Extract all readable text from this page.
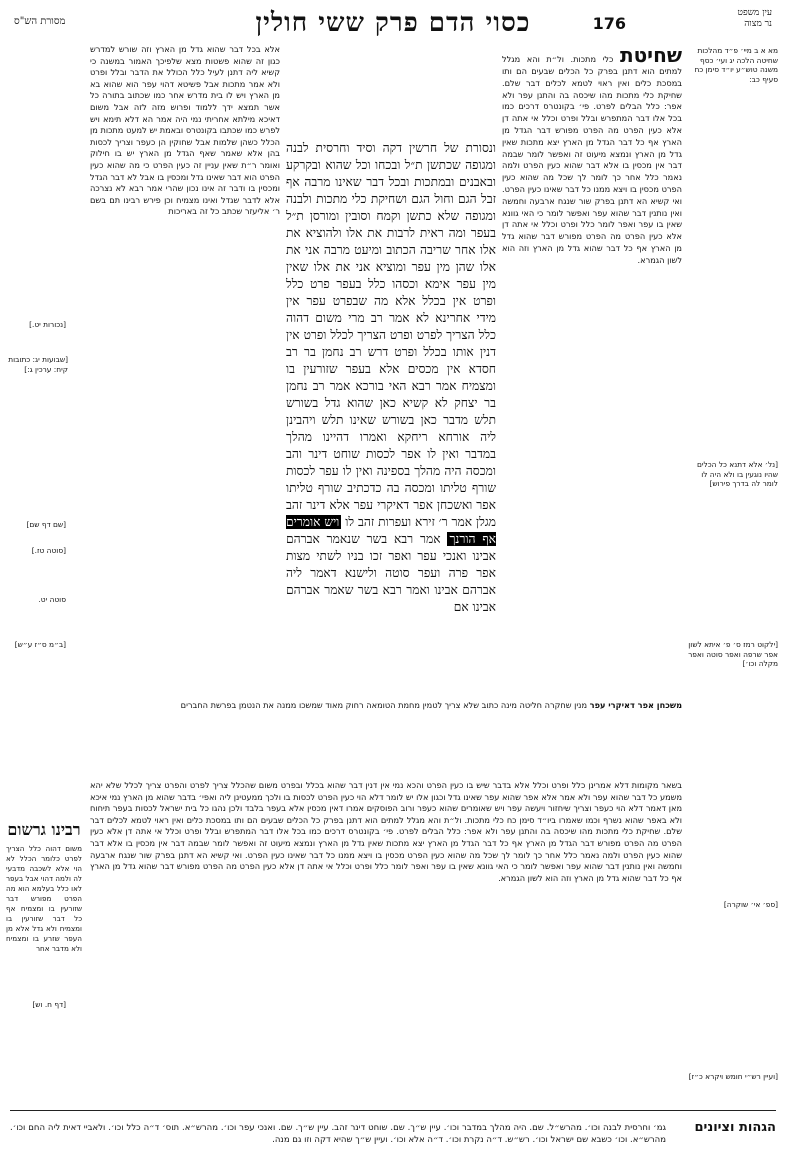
עין משפט
נר מצוה
176
כסוי הדם פרק ששי חולין
מסורת הש"ס
מא א ב מיי׳ פ״ד מהלכות שחיטה הלכה יג ועי׳ כסף משנה טוש״ע יו״ד סימן כח סעיף כב:
[נל׳ אלא דתנא כל הכלים שהיו נוגעין בו ולא היה לו לומר לה בדרך פירוש]
[ילקוט רמז ס׳ פ׳ איתא לשון אפר שרפה ואפר סוטה ואפר מקלה וכו׳]
[ספ׳ אי׳ שוקרה]
[ועיין רש״י חומש ויקרא כ״ז]
[נכורות יט.]
[שבועות יג: כתובות קיח: ערכין ג:]
[שם דף שם]
[סוטה טז.]
סוטה יט.
[ב״מ ס״ז ע״ש]
[דף ח. וש]
שחיטת כלי מתכות. ול״ת והא מגלל למתים הוא דתנן בפרק כל הכלים שבעים הם ותו במסכת כלים ואין ראוי לטמא לכלים דבר שלם. שחיקת כלי מתכות מהו שיכסה בה והתנן עפר ולא אפר: כלל הבלים לפרט. פי׳ בקונטרס דרכים כמו בכל אלו דבר המתפרש ובלל ופרט וכלל אי אתה דן אלא כעין הפרט מה הפרט מפורש דבר הגדל מן הארץ אף כל דבר הגדל מן הארץ יצא מתכות שאין גדל מן הארץ ונמצא מיעוט זה ואפשר לומר שבמה דבר אין מכסין בו אלא דבר שהוא כעין הפרט ולמה נאמר כלל אחר כך לומר לך שכל מה שהוא כעין הפרט מכסין בו ויצא ממנו כל דבר שאינו כעין הפרט. ואי קשיא הא דתנן בפרק שור שנגח ארבעה וחמשה ואין נותנין דבר שהוא עפר ואפשר לומר כי האי גוונא שאין בו עפר ואפר לומר כלל ופרט וכלל אי אתה דן אלא כעין הפרט מה הפרט מפורש דבר שהוא גדל מן הארץ אף כל דבר שהוא גדל מן הארץ וזה הוא לשון הגמרא.
ונסורת של חרשין דקה וסיד וחרסית לבנה ומגופה שכתשן ת״ל ובכחו וכל שהוא ובקרקע ובאבנים ובמתכות ובכל דבר שאינו מרבה אף זבל הגם וחול הגם ושחיקת כלי מתכות ולבנה ומגופה שלא כתשן וקמח וסובין ומורסן ת״ל בעפר ומה ראית לרבות את אלו ולהוציא את אלו אחר שריבה הכתוב ומיעט מרבה אני את אלו שהן מין עפר ומוציא אני את אלו שאין מין עפר אימא וכסהו כלל בעפר פרט כלל ופרט אין בכלל אלא מה שבפרט עפר אין מידי אחרינא לא אמר רב מרי משום דהוה כלל הצריך לפרט ופרט הצריך לכלל ופרט אין דנין אותו בכלל ופרט דרש רב נחמן בר רב חסדא אין מכסים אלא בעפר שזורעין בו ומצמיח אמר רבא האי בורכא אמר רב נחמן בר יצחק לא קשיא כאן שהוא גדל בשורש תלש מדבר כאן בשורש שאינו תלש ויהבינן ליה אורחא ריחקא ואמרו דהיינו מהלך במדבר ואין לו אפר לכסות שוחט דינר והב ומכסה היה מהלך בספינה ואין לו עפר לכסות שורף טליתו ומכסה בה כדכתיב שורף טליתו אפר ואשכחן אפר דאיקרי עפר אלא דינר זהב מגלן אמר ר׳ זירא ועפרות זהב לו ויש אומרים אף הורנך אמר רבא בשר שנאמר אברהם אבינו ואנכי עפר ואפר זכו בניו לשתי מצות אפר פרה ועפר סוטה ולישנא דאמר ליה אברהם אבינו ואמר רבא בשר שאמר אברהם אבינו אם
אלא בכל דבר שהוא גדל מן הארץ וזה שורש למדרש כגון זה שהוא פשטות מצא שלפיכך האמור במשנה כי קשיא ליה דתנן לעיל כלל הכולל את הדבר ובלל ופרט ולא אמר מתכות אבל פשיטא דהוי עפר הוא שהוא בא מן הארץ ויש לו בית מדרש אחר כמו שכתוב בתורה כל אשר תמצא ידך ללמוד ופרוש מזה לזה אבל משום דאיכא מילתא אחריתי נמי היה אמר הא דלא תימא ויש לפרש כמו שכתבו בקונטרס ובאמת יש למעט מתכות מן הכלל כשהן שלמות אבל שחוקין הן כעפר וצריך לכסות בהן אלא שאמר שאף הגדל מן הארץ יש בו חילוק ואומר ר״ת שאין עניין זה כעין הפרט כי מה שהוא כעין הפרט הוא דבר שאינו גדל ומכסין בו אבל לא דבר הגדל ומכסין בו ודבר זה אינו נכון שהרי אמר רבא לא נצרכה אלא לדבר שגדל ואינו מצמיח וכן פירש רבינו תם בשם ר׳ אליעזר שכתב כל זה באריכות
משכחן אפר דאיקרי עפר מנין שחקרה חליטה מינה כתוב שלא צריך לטמין מחמת הטומאה רחוק מאוד שמשכו ממנה את הנטמן בפרשת החברים
בשאר מקומות דלא אמרינן כלל ופרט וכלל אלא בדבר שיש בו כעין הפרט והכא נמי אין דנין דבר שהוא בכלל ובפרט משום שהכלל צריך לפרט והפרט צריך לכלל שלא יהא משמע כל דבר שהוא עפר ולא אמר אלא אפר שהוא עפר שאינו גדל וכגון אלו יש לומר דלא הוי כעין הפרט לכסות בו ולכך ממעטינן ליה ואפי׳ בדבר שהוא מן הארץ נמי איכא מאן דאמר דלא הוי כעפר וצריך שיחזור ויעשה עפר ויש שאומרים שהוא כעפר ורוב הפוסקים אמרו דאין מכסין אלא בעפר בלבד ולכן נהגו כל בית ישראל לכסות בעפר תיחוח ולא באפר שהוא נשרף וכמו שאמרו ביו״ד סימן כח כלי מתכות. ול״ת והא מגלל למתים הוא דתנן בפרק כל הכלים שבעים הם ותו במסכת כלים ואין ראוי לטמא לכלים דבר שלם. שחיקת כלי מתכות מהו שיכסה בה והתנן עפר ולא אפר: כלל הבלים לפרט. פי׳ בקונטרס דרכים כמו בכל אלו דבר המתפרש ובלל ופרט וכלל אי אתה דן אלא כעין הפרט מה הפרט מפורש דבר הגדל מן הארץ אף כל דבר הגדל מן הארץ יצא מתכות שאין גדל מן הארץ ונמצא מיעוט זה ואפשר לומר שבמה דבר אין מכסין בו אלא דבר שהוא כעין הפרט ולמה נאמר כלל אחר כך לומר לך שכל מה שהוא כעין הפרט מכסין בו ויצא ממנו כל דבר שאינו כעין הפרט. ואי קשיא הא דתנן בפרק שור שנגח ארבעה וחמשה ואין נותנין דבר שהוא עפר ואפשר לומר כי האי גוונא שאין בו עפר ואפר לומר כלל ופרט וכלל אי אתה דן אלא כעין הפרט מה הפרט מפורש דבר שהוא גדל מן הארץ אף כל דבר שהוא גדל מן הארץ וזה הוא לשון הגמרא.
רבינו גרשום
משום דהוה כלל הצריך לפרט כלומר הכלל לא הוי אלא לשכבה מדבעי לה ולמה דהוי אבל בעפר לאו כלל בעלמא הוא מה הפרט מפורש דבר שזורעין בו ומצמיח אף כל דבר שזורעין בו ומצמיח ולא גדל אלא מן העפר שזרע בו ומצמיח ולא מדבר אחר
הגהות וציונים
גמ׳ וחרסית לבנה וכו׳. מהרש״ל. שם. היה מהלך במדבר וכו׳. עיין ש״ך. שם. שוחט דינר זהב. עיין ש״ך. שם. ואנכי עפר וכו׳. מהרש״א. תוס׳ ד״ה כלל וכו׳. ולאביי דאית ליה החם וכו׳. מהרש״א. וכו׳ כשבא שם ישראל וכו׳. רש״ש. ד״ה נקרת וכו׳. ד״ה אלא וכו׳. ועיין ש״ך שהיא דקה וזו גם מנה.
